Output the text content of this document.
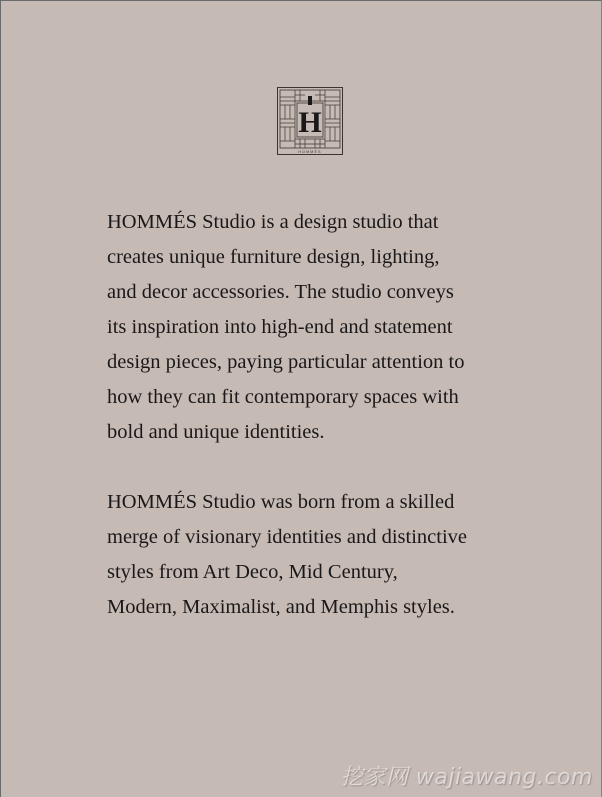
H
HOMMÉS

HOMMÉS Studio is a design studio that
creates unique furniture design, lighting,
and decor accessories. The studio conveys
its inspiration into high-end and statement
design pieces, paying particular attention to
how they can fit contemporary spaces with
bold and unique identities.

HOMMÉS Studio was born from a skilled
merge of visionary identities and distinctive
styles from Art Deco, Mid Century,
Modern, Maximalist, and Memphis styles.

挖家网 wajiawang.com
